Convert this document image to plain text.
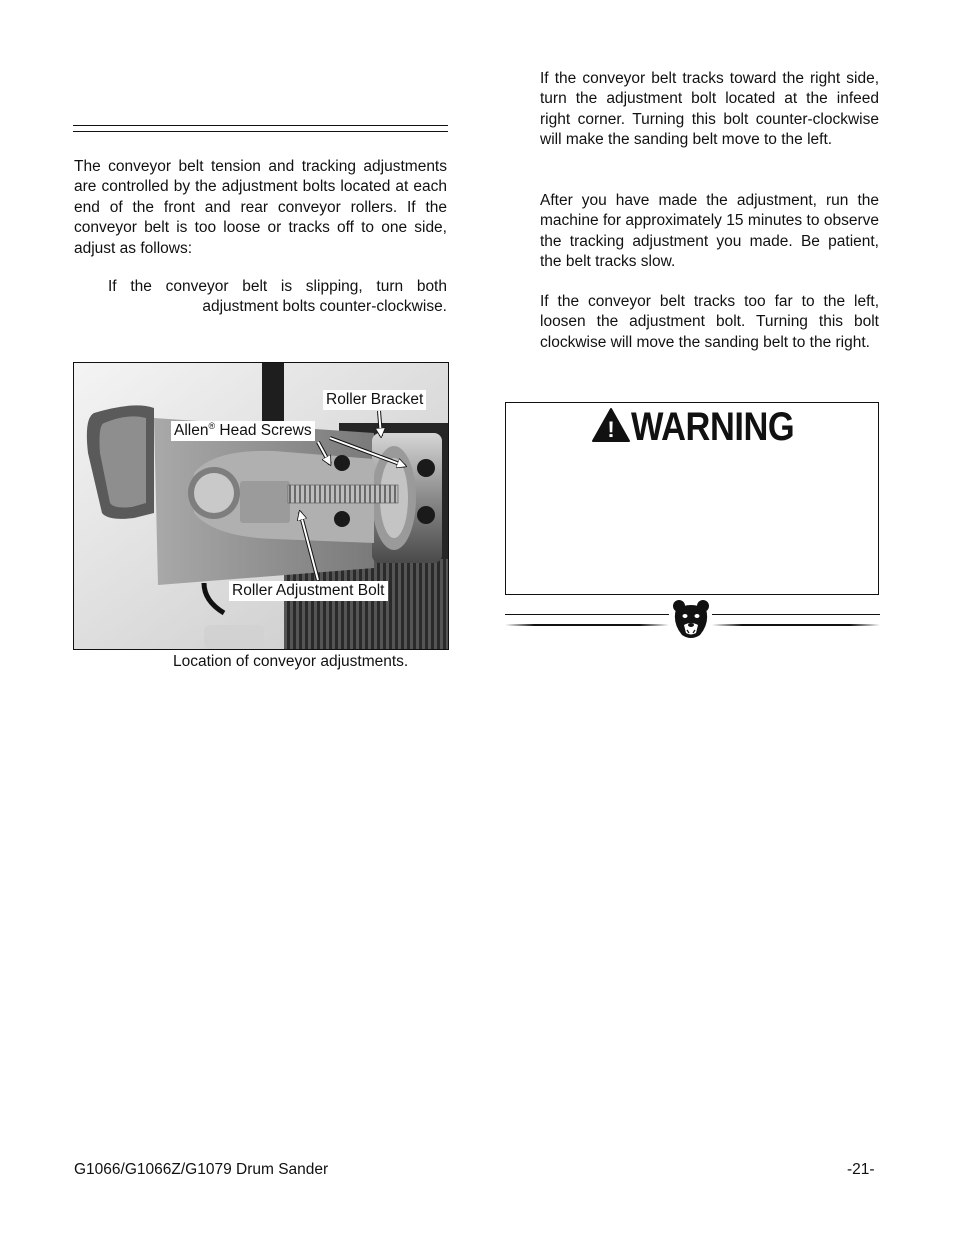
The conveyor belt tension and tracking adjustments are controlled by the adjustment bolts located at each end of the front and rear conveyor rollers. If the conveyor belt is too loose or tracks off to one side, adjust as follows:

If the conveyor belt is slipping, turn both
adjustment bolts counter-clockwise.
Roller Bracket
Allen® Head Screws
Roller Adjustment Bolt
Location of conveyor adjustments.

If the conveyor belt tracks toward the right side, turn the adjustment bolt located at the infeed right corner. Turning this bolt counter-clockwise will make the sanding belt move to the left.

After you have made the adjustment, run the machine for approximately 15 minutes to observe the tracking adjustment you made. Be patient, the belt tracks slow.

If the conveyor belt tracks too far to the left, loosen the adjustment bolt. Turning this bolt clockwise will move the sanding belt to the right.

! WARNING
G1066/G1066Z/G1079 Drum Sander	-21-
